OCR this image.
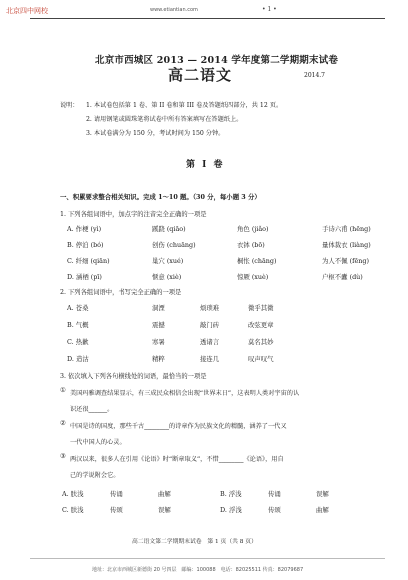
北京四中网校	www.etiantian.com	• 1 •
北京市西城区 2013 — 2014 学年度第二学期期末试卷
高二语文	2014.7
说明： 1. 本试卷包括第 1 卷、第 II 卷和第 III 卷及答题纸四部分，共 12 页。
2. 请用钢笔或圆珠笔将试卷中所有答案填写在答题纸上。
3. 本试卷满分为 150 分，考试时间为 150 分钟。
第 I 卷
一、积累要求整合相关知识。完成 1～10 题。（30 分，每小题 3 分）
1. 下列各组词语中，加点字的注音完全正确的一项是
A. 作梗 (yì)	蹊跷 (qiāo)	角色 (jiǎo)	手诗六甫 (hēng)
B. 停泊 (bó)	创伤 (chuāng)	衣钵 (bō)	量体裁衣 (liàng)
C. 纤细 (qiān)	巢穴 (xué)	桐怅 (chāng)	为人不佩 (fēng)
D. 涵栖 (pī)	惬意 (xiè)	惊厥 (xuè)	户枢不蠹 (dù)
2. 下列各组词语中，书写完全正确的一项是
A. 苍桑	洞湮	烦琐难	微乎其微
B. 气概	震撼	敲门砖	改弦更章
C. 热歉	寒暑	透诸言	莫名其妙
D. 造沽	精粹	接连几	叹声叹气
3. 依次填入下列各句横线处的词语，最恰当的一项是
① 美国玛雅调查结果显示，有三成民众相信会出现“世界末日”，这表明人类对宇宙的认
识还很______。
② 中国是诗的国度，那些千古________的诗章作为民族文化的精髓，涵养了一代又
一代中国人的心灵。
③ 两汉以来，很多人在引用《论语》时“断章取义”，不惜________《论语》，用自
己的学说附会它。
A. 肤浅	传诵	曲解	B. 浮浅	传诵	误解
C. 肤浅	传颂	误解	D. 浮浅	传颂	曲解
高二语文第二学期期末试卷　第 1 页（共 8 页）
地址：北京市西城区新德街 20 号四层　邮编：100088　电话：82025511 传真：82079687
